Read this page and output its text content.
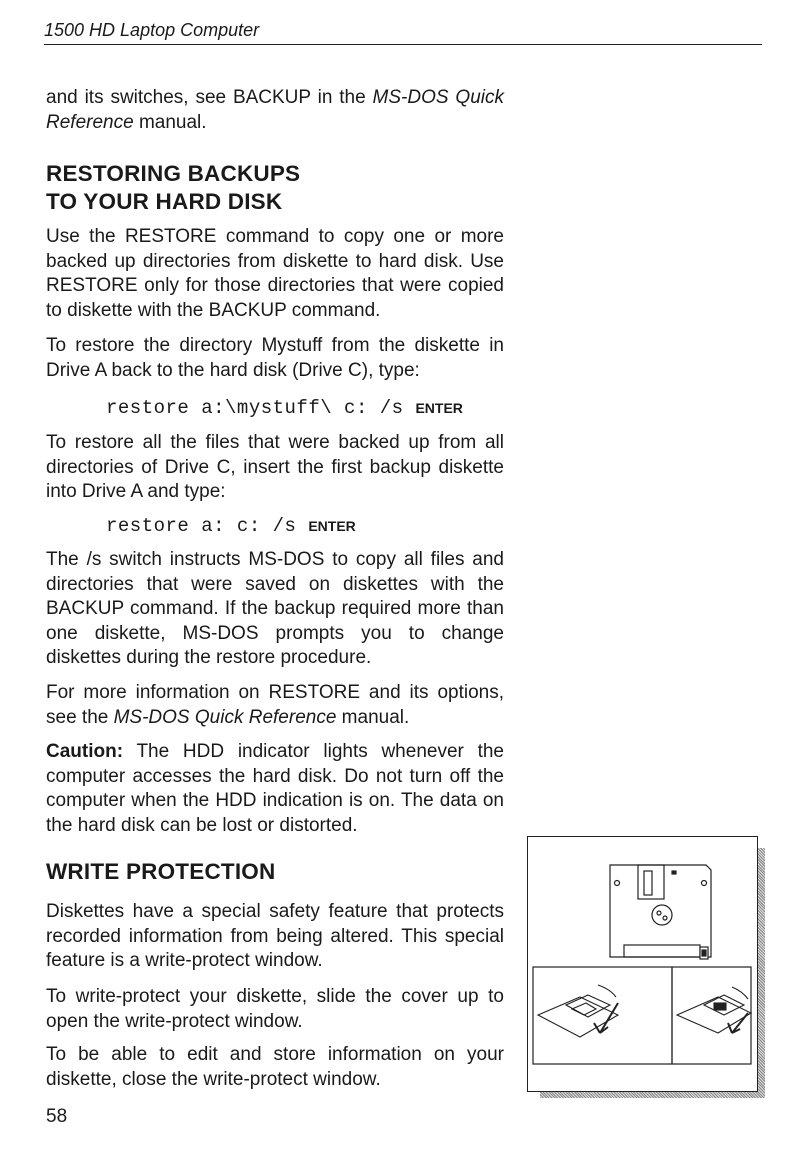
1500 HD Laptop Computer

and its switches, see BACKUP in the MS-DOS Quick Reference manual.

RESTORING BACKUPS

TO YOUR HARD DISK

Use the RESTORE command to copy one or more backed up directories from diskette to hard disk. Use RESTORE only for those directories that were copied to diskette with the BACKUP command.

To restore the directory Mystuff from the diskette in Drive A back to the hard disk (Drive C), type:

restore a:\mystuff\ c: /s ENTER

To restore all the files that were backed up from all directories of Drive C, insert the first backup diskette into Drive A and type:

restore a: c: /s ENTER

The /s switch instructs MS-DOS to copy all files and directories that were saved on diskettes with the BACKUP command. If the backup required more than one diskette, MS-DOS prompts you to change diskettes during the restore procedure.

For more information on RESTORE and its options, see the MS-DOS Quick Reference manual.

Caution: The HDD indicator lights whenever the computer accesses the hard disk. Do not turn off the computer when the HDD indication is on. The data on the hard disk can be lost or distorted.

WRITE PROTECTION

Diskettes have a special safety feature that protects recorded information from being altered. This special feature is a write-protect window.

To write-protect your diskette, slide the cover up to open the write-protect window.

To be able to edit and store information on your diskette, close the write-protect window.

58
